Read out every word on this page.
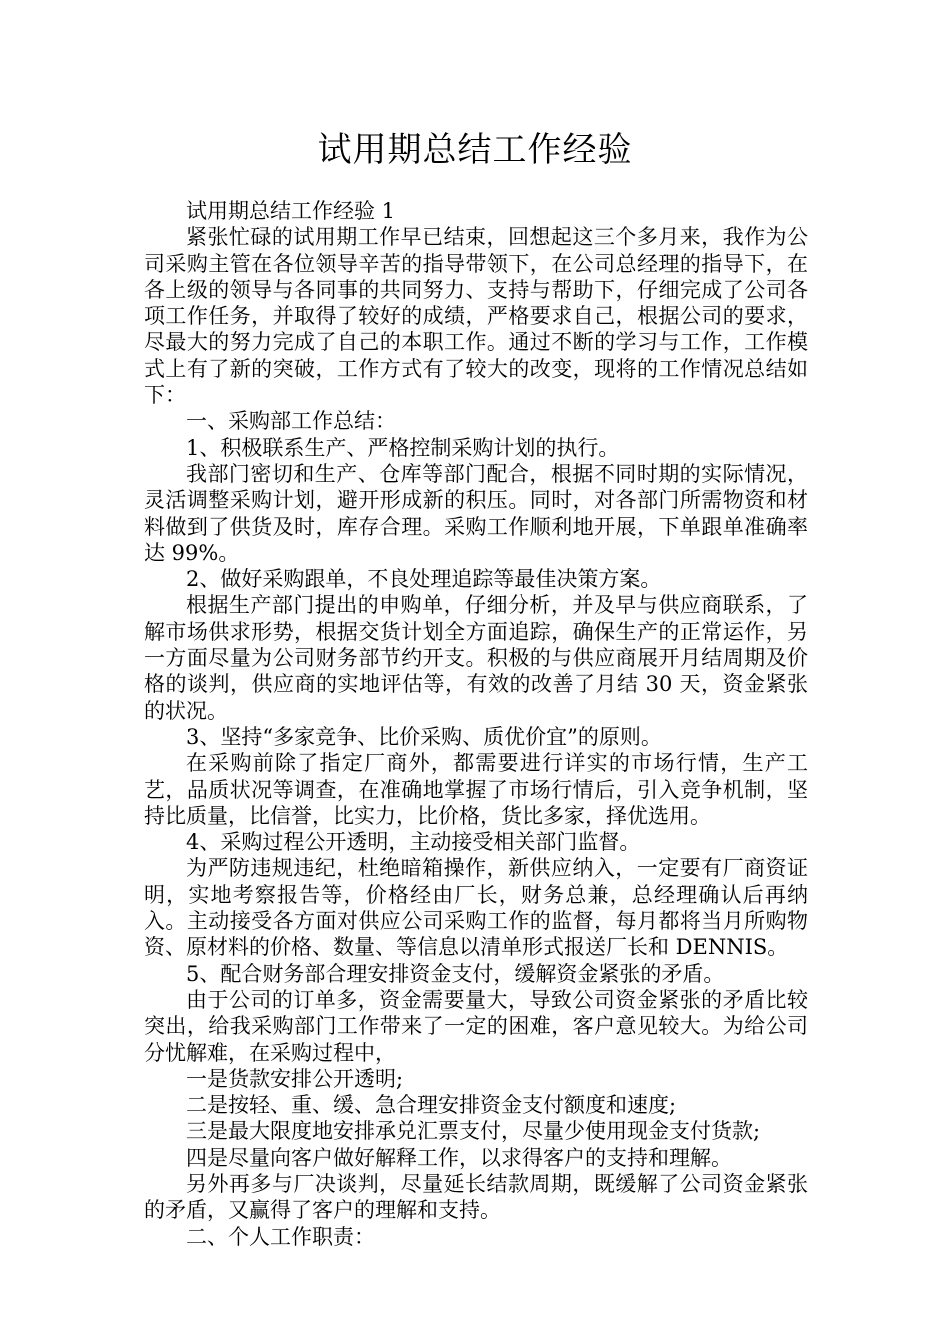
试用期总结工作经验

试用期总结工作经验 1

紧张忙碌的试用期工作早已结束，回想起这三个多月来，我作为公司采购主管在各位领导辛苦的指导带领下，在公司总经理的指导下，在各上级的领导与各同事的共同努力、支持与帮助下，仔细完成了公司各项工作任务，并取得了较好的成绩，严格要求自己，根据公司的要求，尽最大的努力完成了自己的本职工作。通过不断的学习与工作，工作模式上有了新的突破，工作方式有了较大的改变，现将的工作情况总结如下：

一、采购部工作总结：

1、积极联系生产、严格控制采购计划的执行。

我部门密切和生产、仓库等部门配合，根据不同时期的实际情况，灵活调整采购计划，避开形成新的积压。同时，对各部门所需物资和材料做到了供货及时，库存合理。采购工作顺利地开展，下单跟单准确率达 99%。

2、做好采购跟单，不良处理追踪等最佳决策方案。

根据生产部门提出的申购单，仔细分析，并及早与供应商联系，了解市场供求形势，根据交货计划全方面追踪，确保生产的正常运作，另一方面尽量为公司财务部节约开支。积极的与供应商展开月结周期及价格的谈判，供应商的实地评估等，有效的改善了月结 30 天，资金紧张的状况。

3、坚持“多家竞争、比价采购、质优价宜”的原则。

在采购前除了指定厂商外，都需要进行详实的市场行情，生产工艺，品质状况等调查，在准确地掌握了市场行情后，引入竞争机制，坚持比质量，比信誉，比实力，比价格，货比多家，择优选用。

4、采购过程公开透明，主动接受相关部门监督。

为严防违规违纪，杜绝暗箱操作，新供应纳入，一定要有厂商资证明，实地考察报告等，价格经由厂长，财务总兼，总经理确认后再纳入。主动接受各方面对供应公司采购工作的监督，每月都将当月所购物资、原材料的价格、数量、等信息以清单形式报送厂长和 DENNIS。

5、配合财务部合理安排资金支付，缓解资金紧张的矛盾。

由于公司的订单多，资金需要量大，导致公司资金紧张的矛盾比较突出，给我采购部门工作带来了一定的困难，客户意见较大。为给公司分忧解难，在采购过程中，

一是货款安排公开透明;

二是按轻、重、缓、急合理安排资金支付额度和速度;

三是最大限度地安排承兑汇票支付，尽量少使用现金支付货款;

四是尽量向客户做好解释工作，以求得客户的支持和理解。

另外再多与厂决谈判，尽量延长结款周期，既缓解了公司资金紧张的矛盾，又赢得了客户的理解和支持。

二、个人工作职责：
